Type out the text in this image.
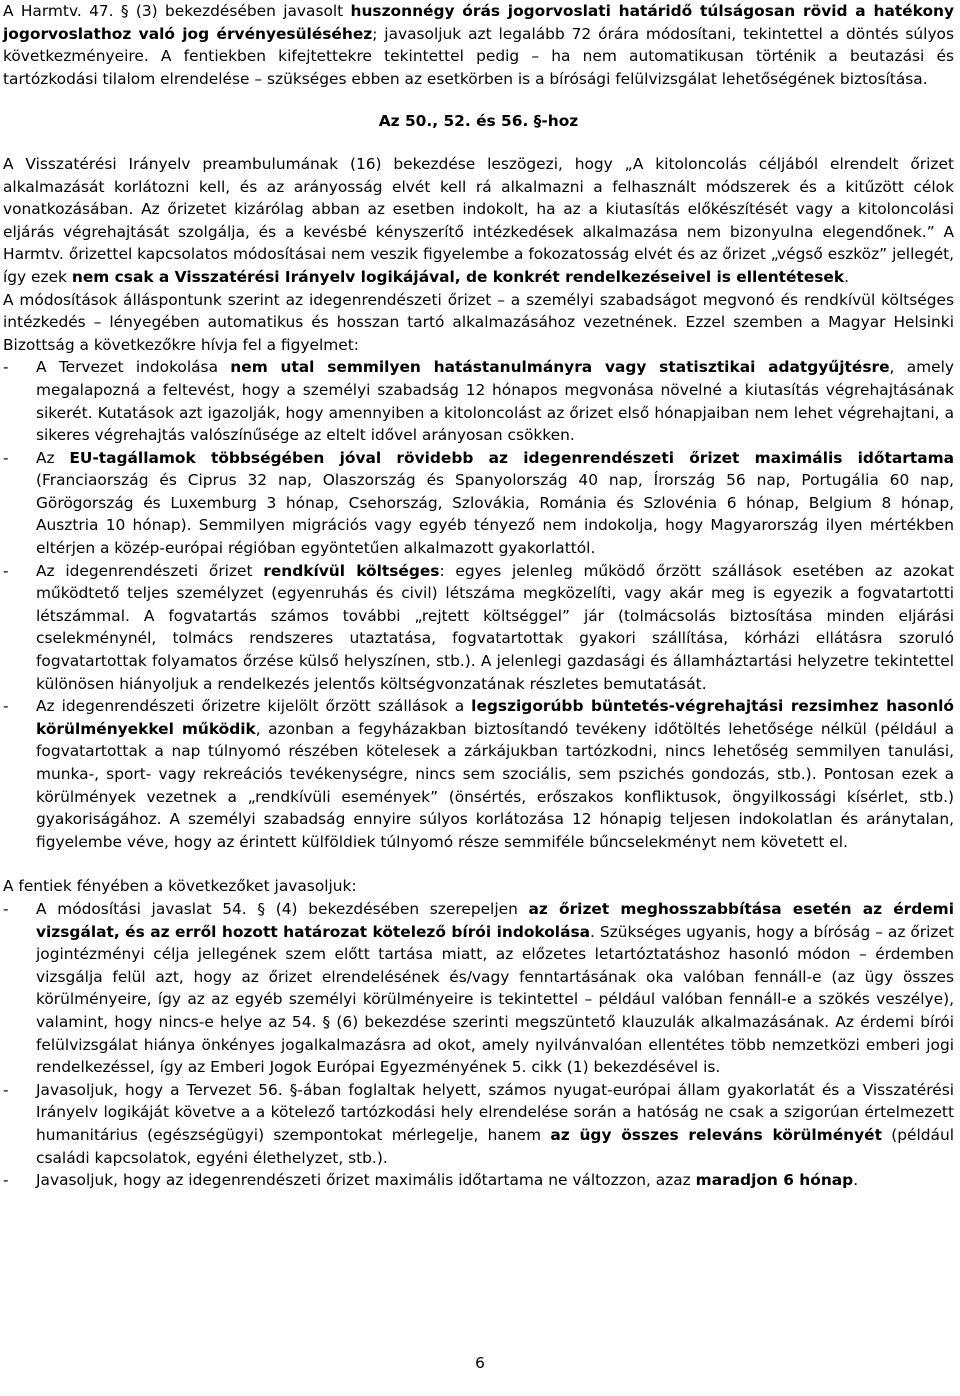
A Harmtv. 47. § (3) bekezdésében javasolt huszonnégy órás jogorvoslati határidő túlságosan rövid a hatékony jogorvoslathoz való jog érvényesüléséhez; javasoljuk azt legalább 72 órára módosítani, tekintettel a döntés súlyos következményeire. A fentiekben kifejtettekre tekintettel pedig – ha nem automatikusan történik a beutazási és tartózkodási tilalom elrendelése – szükséges ebben az esetkörben is a bírósági felülvizsgálat lehetőségének biztosítása.

Az 50., 52. és 56. §-hoz

A Visszatérési Irányelv preambulumának (16) bekezdése leszögezi, hogy „A kitoloncolás céljából elrendelt őrizet alkalmazását korlátozni kell, és az arányosság elvét kell rá alkalmazni a felhasznált módszerek és a kitűzött célok vonatkozásában. Az őrizetet kizárólag abban az esetben indokolt, ha az a kiutasítás előkészítését vagy a kitoloncolási eljárás végrehajtását szolgálja, és a kevésbé kényszerítő intézkedések alkalmazása nem bizonyulna elegendőnek.” A Harmtv. őrizettel kapcsolatos módosításai nem veszik figyelembe a fokozatosság elvét és az őrizet „végső eszköz” jellegét, így ezek nem csak a Visszatérési Irányelv logikájával, de konkrét rendelkezéseivel is ellentétesek.

A módosítások álláspontunk szerint az idegenrendészeti őrizet – a személyi szabadságot megvonó és rendkívül költséges intézkedés – lényegében automatikus és hosszan tartó alkalmazásához vezetnének. Ezzel szemben a Magyar Helsinki Bizottság a következőkre hívja fel a figyelmet:

- A Tervezet indokolása nem utal semmilyen hatástanulmányra vagy statisztikai adatgyűjtésre, amely megalapozná a feltevést, hogy a személyi szabadság 12 hónapos megvonása növelné a kiutasítás végrehajtásának sikerét. Kutatások azt igazolják, hogy amennyiben a kitoloncolást az őrizet első hónapjaiban nem lehet végrehajtani, a sikeres végrehajtás valószínűsége az eltelt idővel arányosan csökken.
- Az EU-tagállamok többségében jóval rövidebb az idegenrendészeti őrizet maximális időtartama (Franciaország és Ciprus 32 nap, Olaszország és Spanyolország 40 nap, Írország 56 nap, Portugália 60 nap, Görögország és Luxemburg 3 hónap, Csehország, Szlovákia, Románia és Szlovénia 6 hónap, Belgium 8 hónap, Ausztria 10 hónap). Semmilyen migrációs vagy egyéb tényező nem indokolja, hogy Magyarország ilyen mértékben eltérjen a közép-európai régióban egyöntetűen alkalmazott gyakorlattól.
- Az idegenrendészeti őrizet rendkívül költséges: egyes jelenleg működő őrzött szállások esetében az azokat működtető teljes személyzet (egyenruhás és civil) létszáma megközelíti, vagy akár meg is egyezik a fogvatartotti létszámmal. A fogvatartás számos további „rejtett költséggel” jár (tolmácsolás biztosítása minden eljárási cselekménynél, tolmács rendszeres utaztatása, fogvatartottak gyakori szállítása, kórházi ellátásra szoruló fogvatartottak folyamatos őrzése külső helyszínen, stb.). A jelenlegi gazdasági és államháztartási helyzetre tekintettel különösen hiányoljuk a rendelkezés jelentős költségvonzatának részletes bemutatását.
- Az idegenrendészeti őrizetre kijelölt őrzött szállások a legszigorúbb büntetés-végrehajtási rezsimhez hasonló körülményekkel működik, azonban a fegyházakban biztosítandó tevékeny időtöltés lehetősége nélkül (például a fogvatartottak a nap túlnyomó részében kötelesek a zárkájukban tartózkodni, nincs lehetőség semmilyen tanulási, munka-, sport- vagy rekreációs tevékenységre, nincs sem szociális, sem pszichés gondozás, stb.). Pontosan ezek a körülmények vezetnek a „rendkívüli események” (önsértés, erőszakos konfliktusok, öngyilkossági kísérlet, stb.) gyakoriságához. A személyi szabadság ennyire súlyos korlátozása 12 hónapig teljesen indokolatlan és aránytalan, figyelembe véve, hogy az érintett külföldiek túlnyomó része semmiféle bűncselekményt nem követett el.

A fentiek fényében a következőket javasoljuk:

- A módosítási javaslat 54. § (4) bekezdésében szerepeljen az őrizet meghosszabbítása esetén az érdemi vizsgálat, és az erről hozott határozat kötelező bírói indokolása. Szükséges ugyanis, hogy a bíróság – az őrizet jogintézményi célja jellegének szem előtt tartása miatt, az előzetes letartóztatáshoz hasonló módon – érdemben vizsgálja felül azt, hogy az őrizet elrendelésének és/vagy fenntartásának oka valóban fennáll-e (az ügy összes körülményeire, így az az egyéb személyi körülményeire is tekintettel – például valóban fennáll-e a szökés veszélye), valamint, hogy nincs-e helye az 54. § (6) bekezdése szerinti megszüntető klauzulák alkalmazásának. Az érdemi bírói felülvizsgálat hiánya önkényes jogalkalmazásra ad okot, amely nyilvánvalóan ellentétes több nemzetközi emberi jogi rendelkezéssel, így az Emberi Jogok Európai Egyezményének 5. cikk (1) bekezdésével is.
- Javasoljuk, hogy a Tervezet 56. §-ában foglaltak helyett, számos nyugat-európai állam gyakorlatát és a Visszatérési Irányelv logikáját követve a a kötelező tartózkodási hely elrendelése során a hatóság ne csak a szigorúan értelmezett humanitárius (egészségügyi) szempontokat mérlegelje, hanem az ügy összes releváns körülményét (például családi kapcsolatok, egyéni élethelyzet, stb.).
- Javasoljuk, hogy az idegenrendészeti őrizet maximális időtartama ne változzon, azaz maradjon 6 hónap.
6
